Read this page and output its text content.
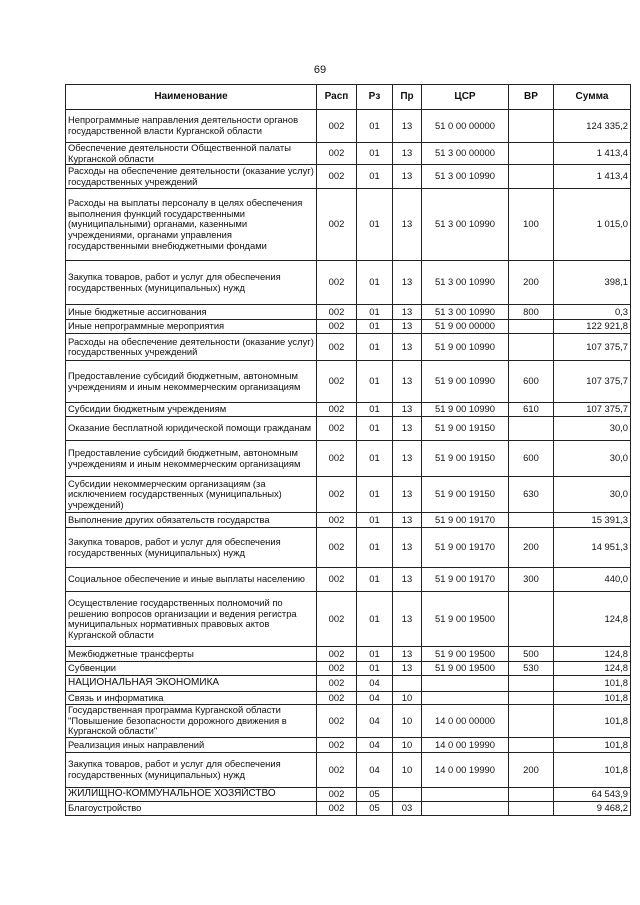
69
Наименование	Расп	Рз	Пр	ЦСР	ВР	Сумма
Непрограммные направления деятельности органов государственной власти Курганской области	002	01	13	51 0 00 00000		124 335,2
Обеспечение деятельности Общественной палаты Курганской области	002	01	13	51 3 00 00000		1 413,4
Расходы на обеспечение деятельности (оказание услуг) государственных учреждений	002	01	13	51 3 00 10990		1 413,4
Расходы на выплаты персоналу в целях обеспечения выполнения функций государственными (муниципальными) органами, казенными учреждениями, органами управления государственными внебюджетными фондами	002	01	13	51 3 00 10990	100	1 015,0
Закупка товаров, работ и услуг для обеспечения государственных (муниципальных) нужд	002	01	13	51 3 00 10990	200	398,1
Иные бюджетные ассигнования	002	01	13	51 3 00 10990	800	0,3
Иные непрограммные мероприятия	002	01	13	51 9 00 00000		122 921,8
Расходы на обеспечение деятельности (оказание услуг) государственных учреждений	002	01	13	51 9 00 10990		107 375,7
Предоставление субсидий бюджетным, автономным учреждениям и иным некоммерческим организациям	002	01	13	51 9 00 10990	600	107 375,7
Субсидии бюджетным учреждениям	002	01	13	51 9 00 10990	610	107 375,7
Оказание бесплатной юридической помощи гражданам	002	01	13	51 9 00 19150		30,0
Предоставление субсидий бюджетным, автономным учреждениям и иным некоммерческим организациям	002	01	13	51 9 00 19150	600	30,0
Субсидии некоммерческим организациям (за исключением государственных (муниципальных) учреждений)	002	01	13	51 9 00 19150	630	30,0
Выполнение других обязательств государства	002	01	13	51 9 00 19170		15 391,3
Закупка товаров, работ и услуг для обеспечения государственных (муниципальных) нужд	002	01	13	51 9 00 19170	200	14 951,3
Социальное обеспечение и иные выплаты населению	002	01	13	51 9 00 19170	300	440,0
Осуществление государственных полномочий по решению вопросов организации и ведения регистра муниципальных нормативных правовых актов Курганской области	002	01	13	51 9 00 19500		124,8
Межбюджетные трансферты	002	01	13	51 9 00 19500	500	124,8
Субвенции	002	01	13	51 9 00 19500	530	124,8
НАЦИОНАЛЬНАЯ ЭКОНОМИКА	002	04				101,8
Связь и информатика	002	04	10			101,8
Государственная программа Курганской области "Повышение безопасности дорожного движения в Курганской области"	002	04	10	14 0 00 00000		101,8
Реализация иных направлений	002	04	10	14 0 00 19990		101,8
Закупка товаров, работ и услуг для обеспечения государственных (муниципальных) нужд	002	04	10	14 0 00 19990	200	101,8
ЖИЛИЩНО-КОММУНАЛЬНОЕ ХОЗЯЙСТВО	002	05				64 543,9
Благоустройство	002	05	03			9 468,2
